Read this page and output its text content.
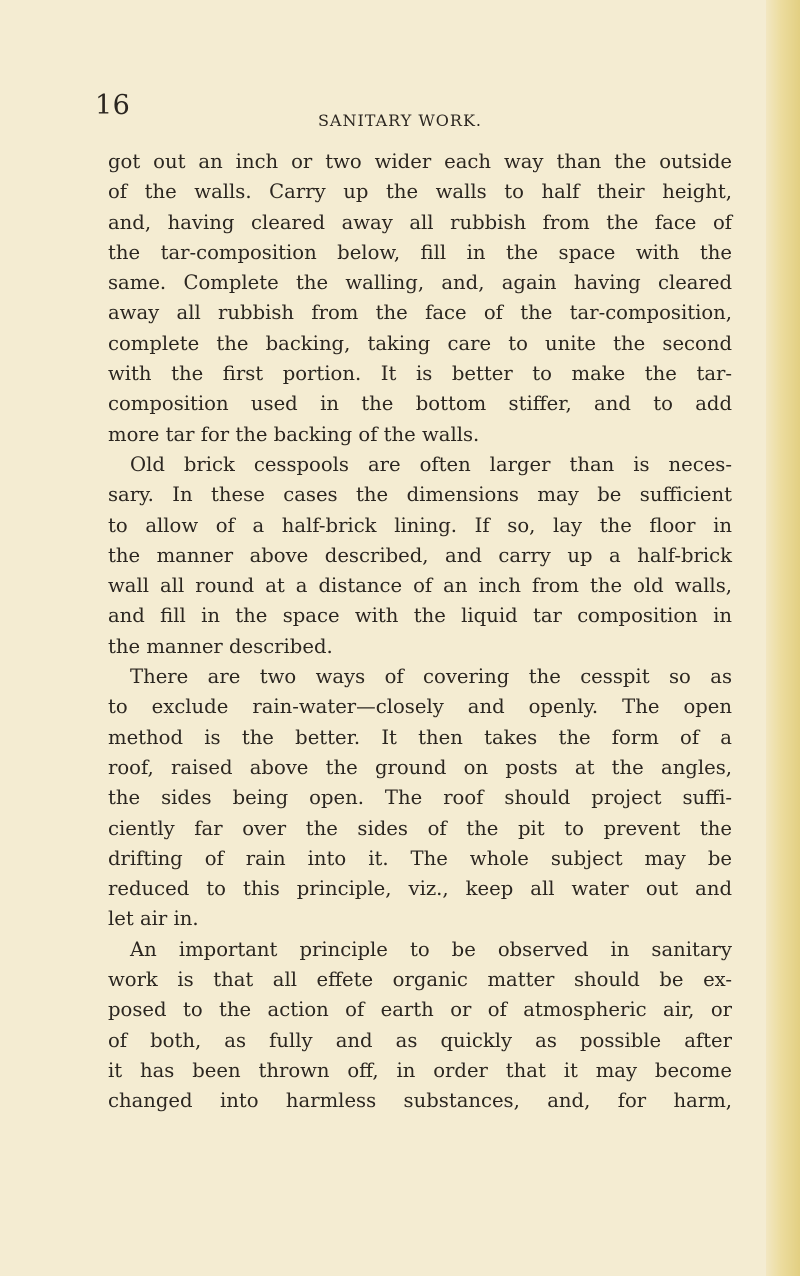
16	SANITARY WORK.
got out an inch or two wider each way than the outside
of the walls. Carry up the walls to half their height,
and, having cleared away all rubbish from the face of
the tar-composition below, fill in the space with the
same. Complete the walling, and, again having cleared
away all rubbish from the face of the tar-composition,
complete the backing, taking care to unite the second
with the first portion. It is better to make the tar-
composition used in the bottom stiffer, and to add
more tar for the backing of the walls.
Old brick cesspools are often larger than is neces-
sary. In these cases the dimensions may be sufficient
to allow of a half-brick lining. If so, lay the floor in
the manner above described, and carry up a half-brick
wall all round at a distance of an inch from the old walls,
and fill in the space with the liquid tar composition in
the manner described.
There are two ways of covering the cesspit so as
to exclude rain-water—closely and openly. The open
method is the better. It then takes the form of a
roof, raised above the ground on posts at the angles,
the sides being open. The roof should project suffi-
ciently far over the sides of the pit to prevent the
drifting of rain into it. The whole subject may be
reduced to this principle, viz., keep all water out and
let air in.
An important principle to be observed in sanitary
work is that all effete organic matter should be ex-
posed to the action of earth or of atmospheric air, or
of both, as fully and as quickly as possible after
it has been thrown off, in order that it may become
changed into harmless substances, and, for harm,
